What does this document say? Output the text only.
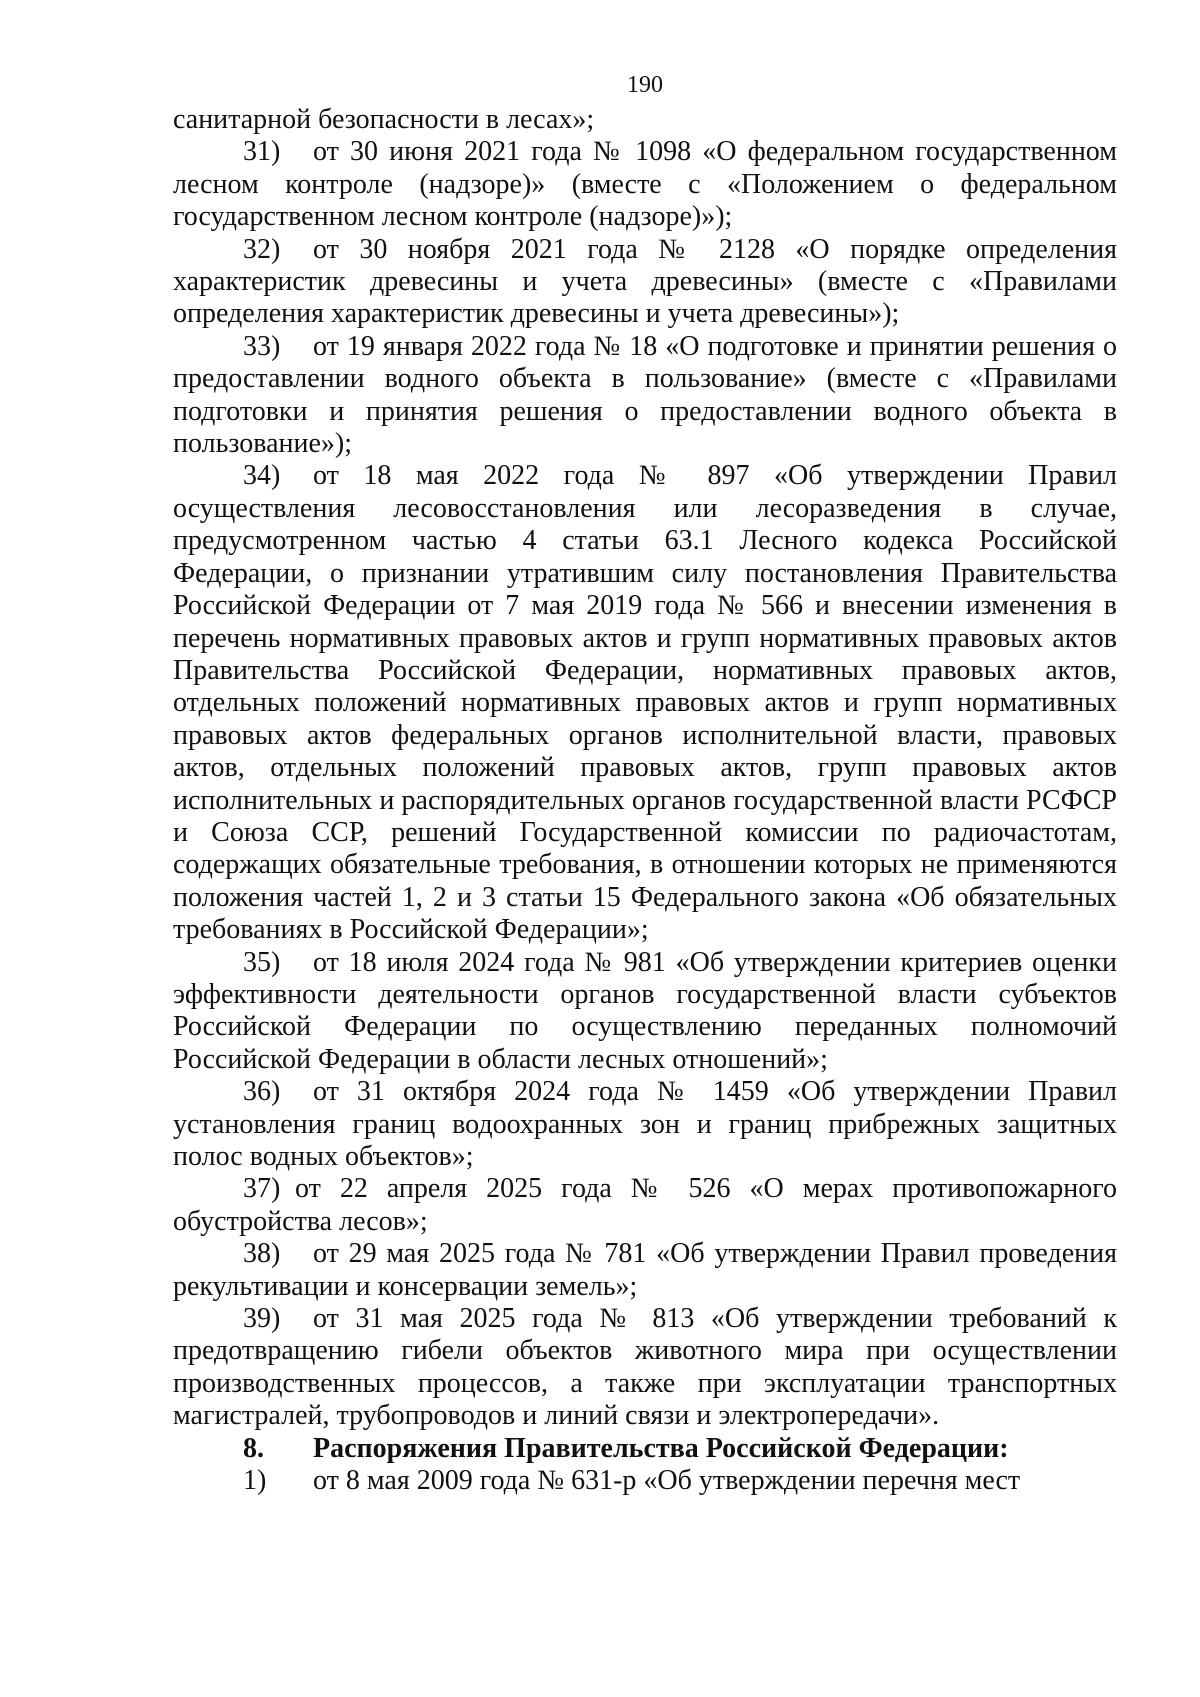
190

санитарной безопасности в лесах»;

31) от 30 июня 2021 года № 1098 «О федеральном государственном лесном контроле (надзоре)» (вместе с «Положением о федеральном государственном лесном контроле (надзоре)»);

32) от 30 ноября 2021 года № 2128 «О порядке определения характеристик древесины и учета древесины» (вместе с «Правилами определения характеристик древесины и учета древесины»);

33) от 19 января 2022 года № 18 «О подготовке и принятии решения о предоставлении водного объекта в пользование» (вместе с «Правилами подготовки и принятия решения о предоставлении водного объекта в пользование»);

34) от 18 мая 2022 года № 897 «Об утверждении Правил осуществления лесовосстановления или лесоразведения в случае, предусмотренном частью 4 статьи 63.1 Лесного кодекса Российской Федерации, о признании утратившим силу постановления Правительства Российской Федерации от 7 мая 2019 года № 566 и внесении изменения в перечень нормативных правовых актов и групп нормативных правовых актов Правительства Российской Федерации, нормативных правовых актов, отдельных положений нормативных правовых актов и групп нормативных правовых актов федеральных органов исполнительной власти, правовых актов, отдельных положений правовых актов, групп правовых актов исполнительных и распорядительных органов государственной власти РСФСР и Союза ССР, решений Государственной комиссии по радиочастотам, содержащих обязательные требования, в отношении которых не применяются положения частей 1, 2 и 3 статьи 15 Федерального закона «Об обязательных требованиях в Российской Федерации»;

35) от 18 июля 2024 года № 981 «Об утверждении критериев оценки эффективности деятельности органов государственной власти субъектов Российской Федерации по осуществлению переданных полномочий Российской Федерации в области лесных отношений»;

36) от 31 октября 2024 года № 1459 «Об утверждении Правил установления границ водоохранных зон и границ прибрежных защитных полос водных объектов»;

37) от 22 апреля 2025 года № 526 «О мерах противопожарного обустройства лесов»;

38) от 29 мая 2025 года № 781 «Об утверждении Правил проведения рекультивации и консервации земель»;

39) от 31 мая 2025 года № 813 «Об утверждении требований к предотвращению гибели объектов животного мира при осуществлении производственных процессов, а также при эксплуатации транспортных магистралей, трубопроводов и линий связи и электропередачи».

8. Распоряжения Правительства Российской Федерации:

1) от 8 мая 2009 года № 631-р «Об утверждении перечня мест
